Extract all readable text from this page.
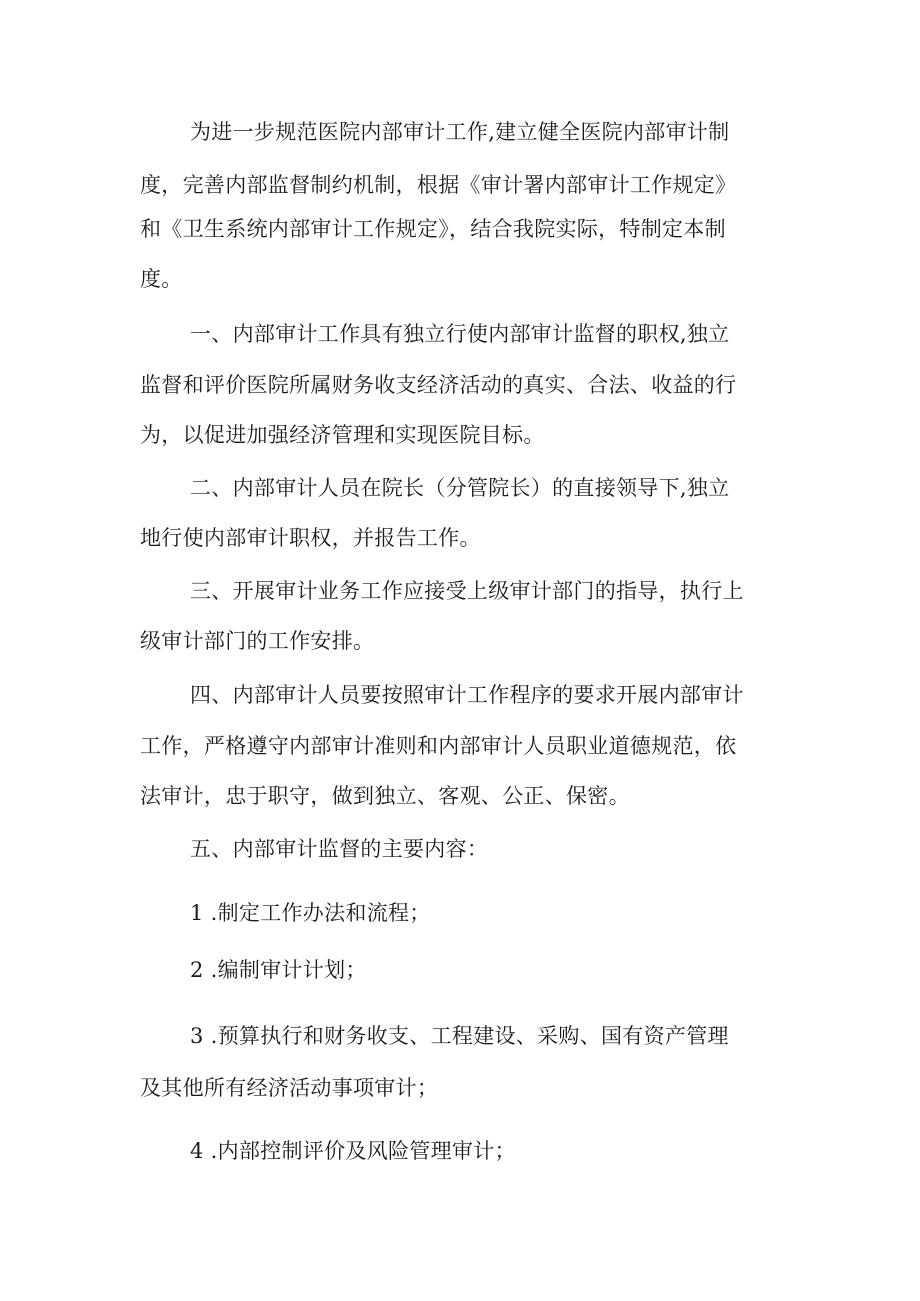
为进一步规范医院内部审计工作,建立健全医院内部审计制
度，完善内部监督制约机制，根据《审计署内部审计工作规定》
和《卫生系统内部审计工作规定》，结合我院实际，特制定本制
度。
一、内部审计工作具有独立行使内部审计监督的职权,独立
监督和评价医院所属财务收支经济活动的真实、合法、收益的行
为，以促进加强经济管理和实现医院目标。
二、内部审计人员在院长（分管院长）的直接领导下,独立
地行使内部审计职权，并报告工作。
三、开展审计业务工作应接受上级审计部门的指导，执行上
级审计部门的工作安排。
四、内部审计人员要按照审计工作程序的要求开展内部审计
工作，严格遵守内部审计准则和内部审计人员职业道德规范，依
法审计，忠于职守，做到独立、客观、公正、保密。
五、内部审计监督的主要内容：
1 .制定工作办法和流程；
2 .编制审计计划；
3 .预算执行和财务收支、工程建设、采购、国有资产管理
及其他所有经济活动事项审计；
4 .内部控制评价及风险管理审计；
